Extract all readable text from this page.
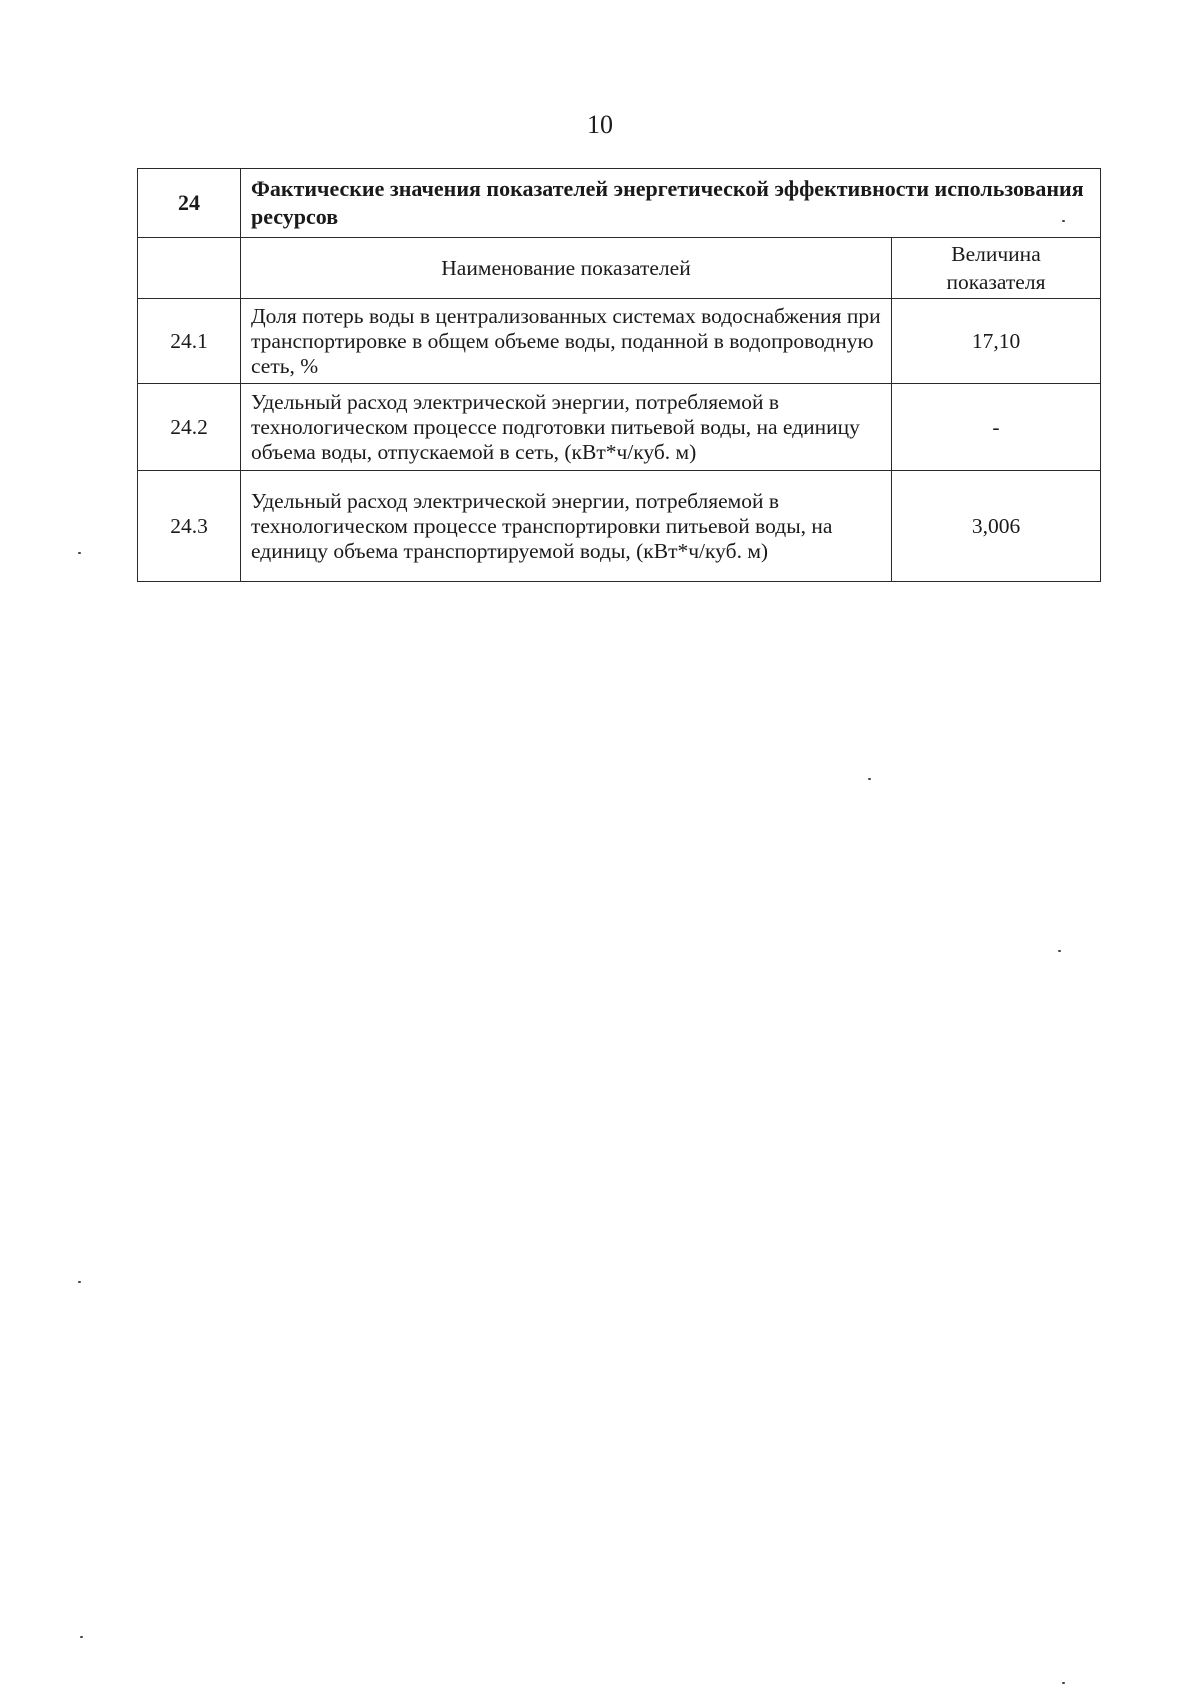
10
24	Фактические значения показателей энергетической эффективности использования ресурсов	
	Наименование показателей	Величина показателя
24.1	Доля потерь воды в централизованных системах водоснабжения при транспортировке в общем объеме воды, поданной в водопроводную сеть, %	17,10
24.2	Удельный расход электрической энергии, потребляемой в технологическом процессе подготовки питьевой воды, на единицу объема воды, отпускаемой в сеть, (кВт*ч/куб. м)	-
24.3	Удельный расход электрической энергии, потребляемой в технологическом процессе транспортировки питьевой воды, на единицу объема транспортируемой воды, (кВт*ч/куб. м)	3,006
